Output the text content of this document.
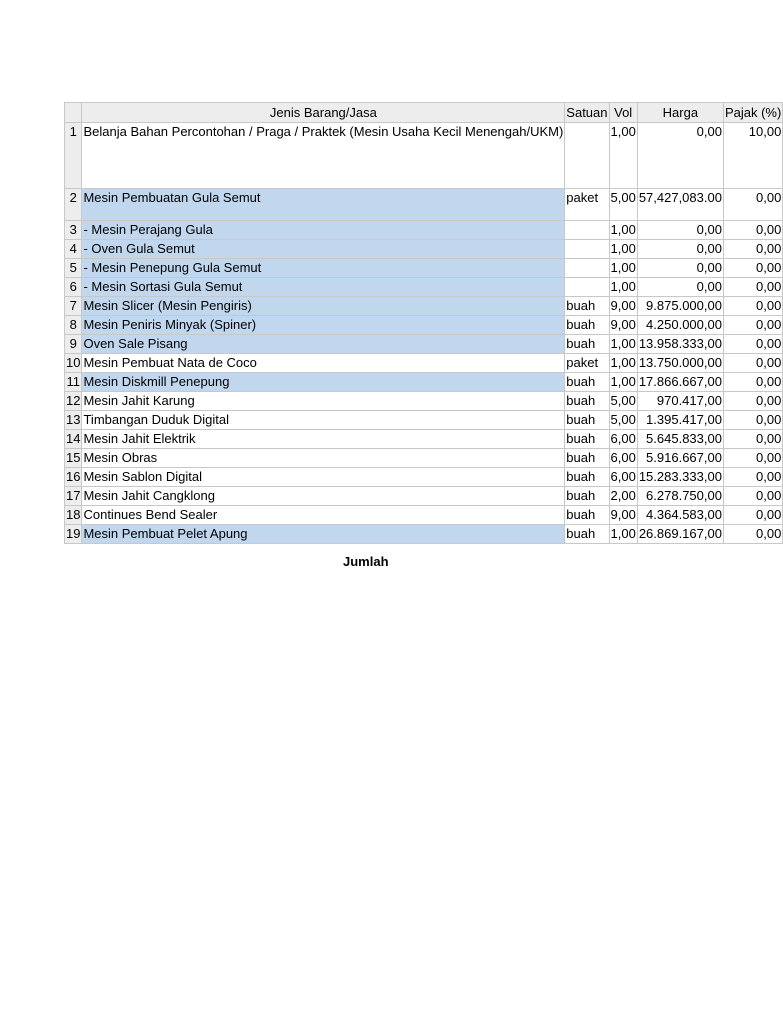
	Jenis Barang/Jasa	Satuan	Vol	Harga	Pajak (%)
1	Belanja Bahan Percontohan / Praga / Praktek (Mesin Usaha Kecil Menengah/UKM)		1,00	0,00	10,00
2	Mesin Pembuatan Gula Semut	paket	5,00	57,427,083.00	0,00
3	- Mesin Perajang Gula		1,00	0,00	0,00
4	- Oven Gula Semut		1,00	0,00	0,00
5	- Mesin Penepung Gula Semut		1,00	0,00	0,00
6	- Mesin Sortasi Gula Semut		1,00	0,00	0,00
7	Mesin Slicer (Mesin Pengiris)	buah	9,00	9.875.000,00	0,00
8	Mesin Peniris Minyak (Spiner)	buah	9,00	4.250.000,00	0,00
9	Oven Sale Pisang	buah	1,00	13.958.333,00	0,00
10	Mesin Pembuat Nata de Coco	paket	1,00	13.750.000,00	0,00
11	Mesin Diskmill Penepung	buah	1,00	17.866.667,00	0,00
12	Mesin Jahit Karung	buah	5,00	970.417,00	0,00
13	Timbangan Duduk Digital	buah	5,00	1.395.417,00	0,00
14	Mesin Jahit Elektrik	buah	6,00	5.645.833,00	0,00
15	Mesin Obras	buah	6,00	5.916.667,00	0,00
16	Mesin Sablon Digital	buah	6,00	15.283.333,00	0,00
17	Mesin Jahit Cangklong	buah	2,00	6.278.750,00	0,00
18	Continues Bend Sealer	buah	9,00	4.364.583,00	0,00
19	Mesin Pembuat Pelet Apung	buah	1,00	26.869.167,00	0,00
Jumlah
